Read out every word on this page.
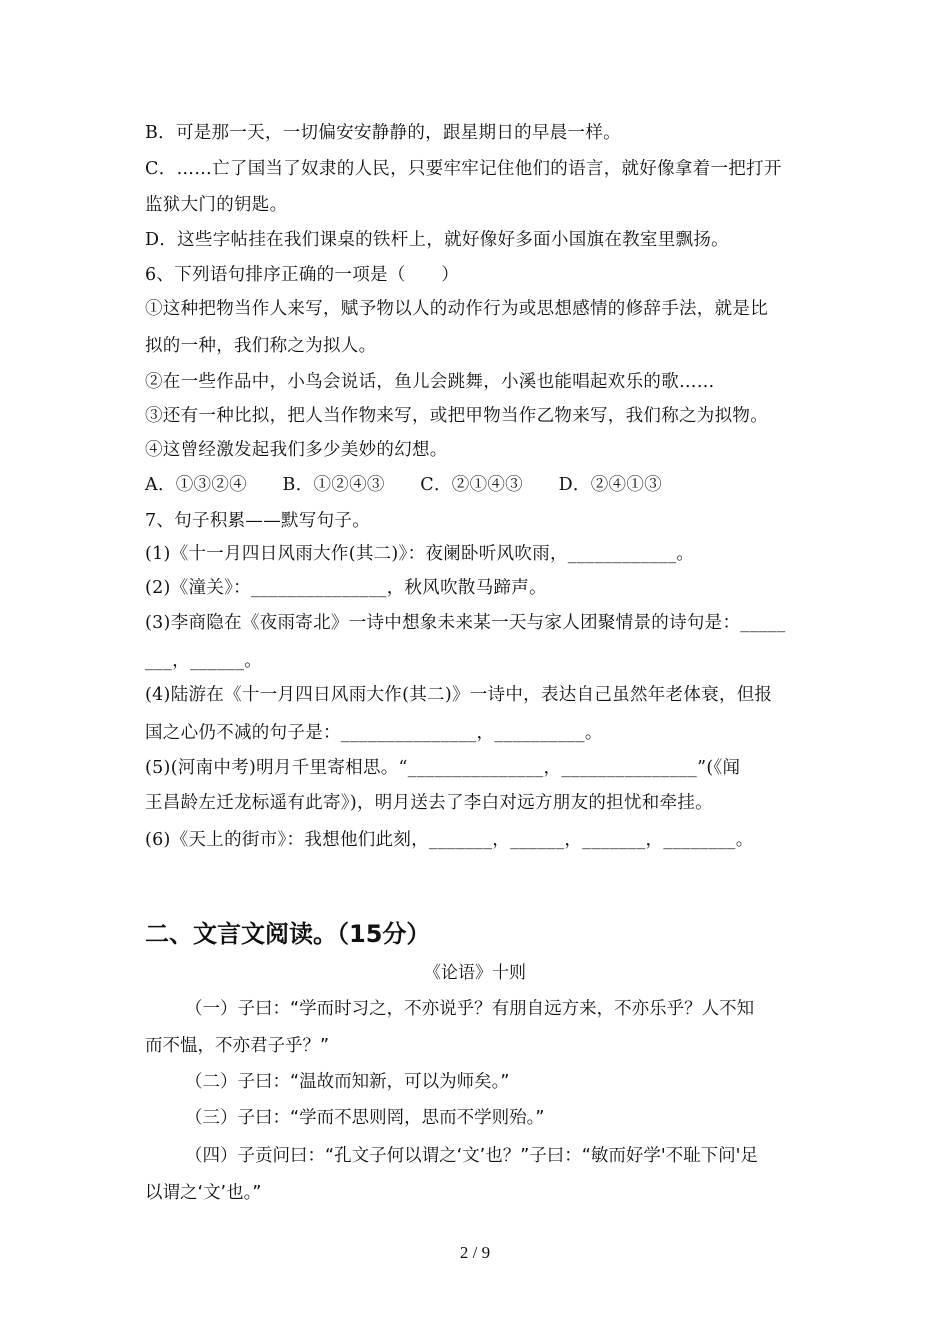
B．可是那一天，一切偏安安静静的，跟星期日的早晨一样。
C．……亡了国当了奴隶的人民，只要牢牢记住他们的语言，就好像拿着一把打开
监狱大门的钥匙。
D．这些字帖挂在我们课桌的铁杆上，就好像好多面小国旗在教室里飘扬。
6、下列语句排序正确的一项是（　　）
①这种把物当作人来写，赋予物以人的动作行为或思想感情的修辞手法，就是比
拟的一种，我们称之为拟人。
②在一些作品中，小鸟会说话，鱼儿会跳舞，小溪也能唱起欢乐的歌……
③还有一种比拟，把人当作物来写，或把甲物当作乙物来写，我们称之为拟物。
④这曾经激发起我们多少美妙的幻想。
A．①③②④　　B．①②④③　　C．②①④③　　D．②④①③
7、句子积累——默写句子。
(1)《十一月四日风雨大作(其二)》：夜阑卧听风吹雨，____________。
(2)《潼关》：_______________，秋风吹散马蹄声。
(3)李商隐在《夜雨寄北》一诗中想象未来某一天与家人团聚情景的诗句是：_____
___，______。
(4)陆游在《十一月四日风雨大作(其二)》一诗中，表达自己虽然年老体衰，但报
国之心仍不减的句子是：_______________，__________。
(5)(河南中考)明月千里寄相思。“_______________，_______________”(《闻
王昌龄左迁龙标遥有此寄》)，明月送去了李白对远方朋友的担忧和牵挂。
(6)《天上的街市》：我想他们此刻，_______，______，_______，________。
二、文言文阅读。（15分）
《论语》十则
（一）子曰：“学而时习之，不亦说乎？有朋自远方来，不亦乐乎？人不知
而不愠，不亦君子乎？”
（二）子曰：“温故而知新，可以为师矣。”
（三）子曰：“学而不思则罔，思而不学则殆。”
（四）子贡问曰：“孔文子何以谓之‘文’也？”子曰：“敏而好学'不耻下问'足
以谓之‘文’也。”
2 / 9
